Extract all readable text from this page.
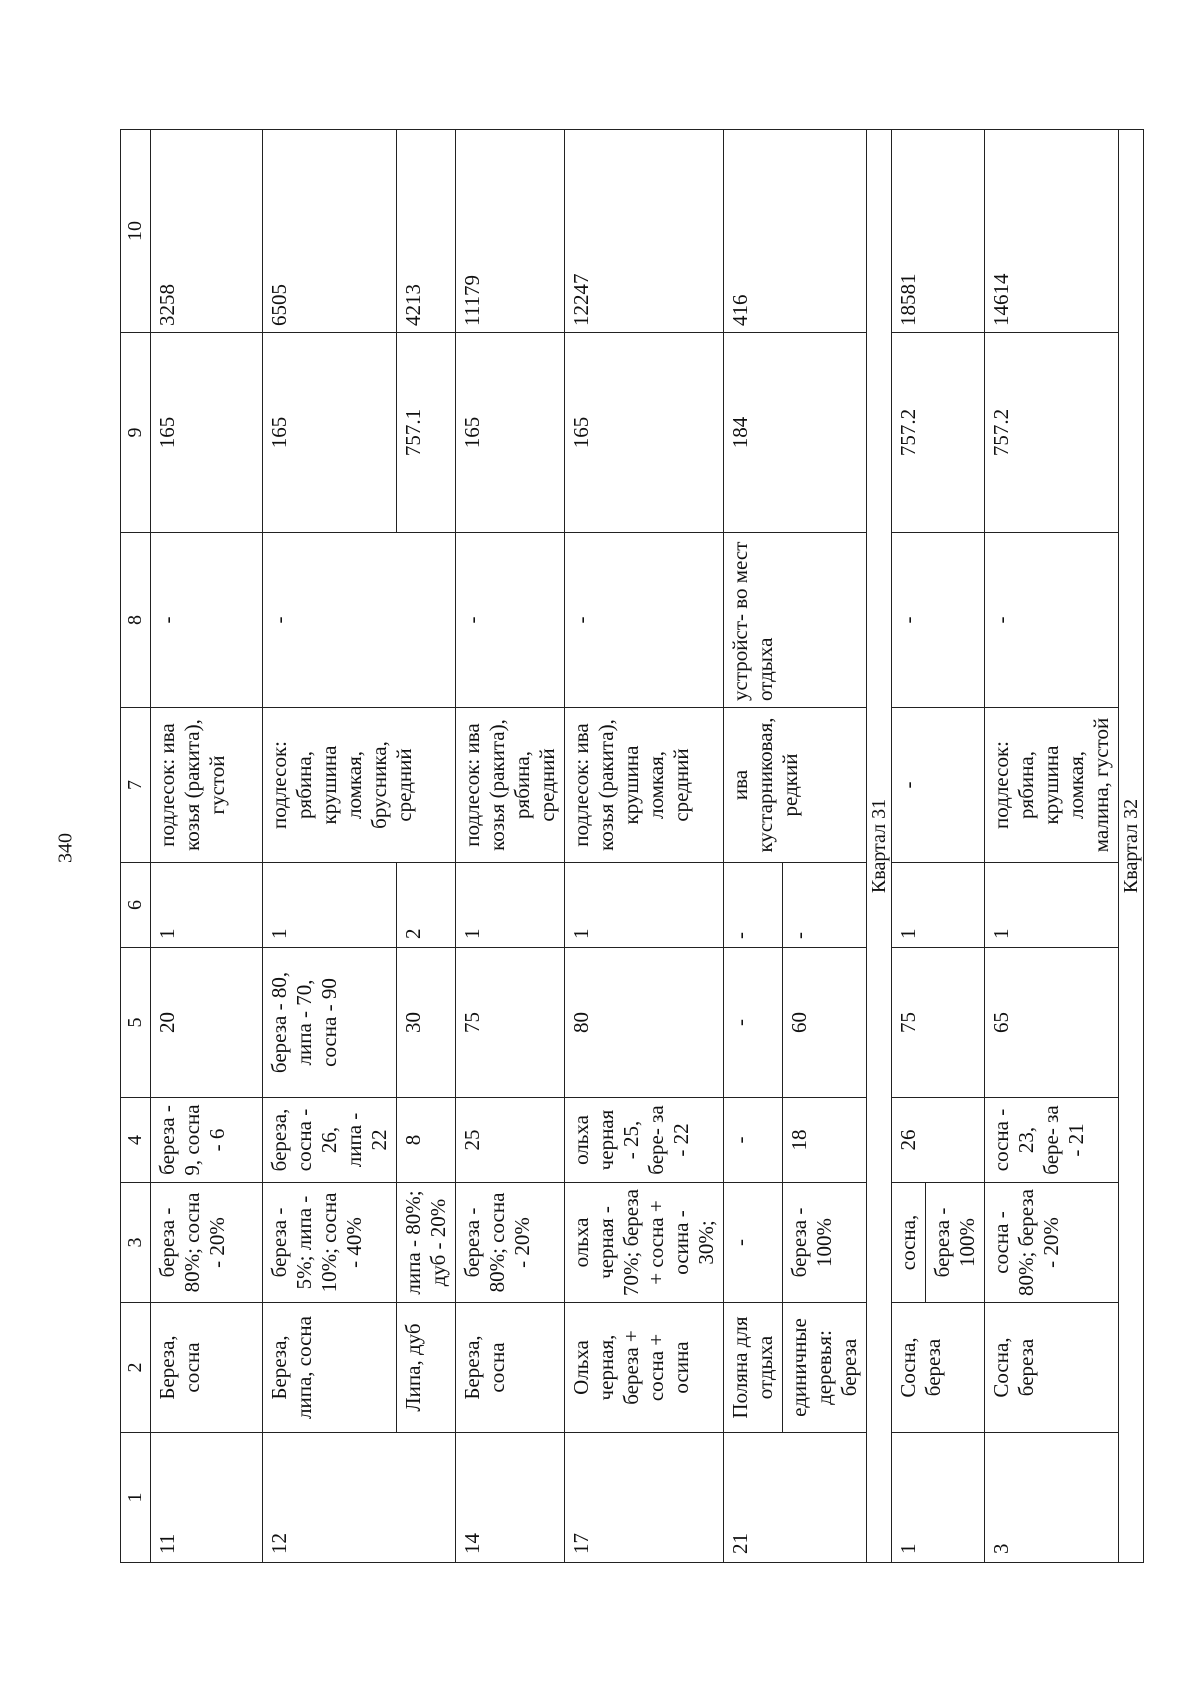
340
1	2	3	4	5	6	7	8	9	10
11	Береза, сосна	береза - 80%; сосна - 20%	береза - 9, сосна - 6	20	1	подлесок: ива козья (ракита), густой	-	165	3258
12	Береза, липа, сосна	береза - 5%; липа - 10%; сосна - 40%	береза, сосна - 26, липа - 22	береза - 80, липа - 70, сосна - 90	1	подлесок: рябина, крушина ломкая, брусника, средний	-	165	6505
	Липа, дуб	липа - 80%; дуб - 20%	8	30	2			757.1	4213
14	Береза, сосна	береза - 80%; сосна - 20%	25	75	1	подлесок: ива козья (ракита), рябина, средний	-	165	11179
17	Ольха черная, береза + сосна + осина	ольха черная - 70%; береза + сосна + осина - 30%;	ольха черная - 25, бере- за - 22	80	1	подлесок: ива козья (ракита), крушина ломкая, средний	-	165	12247
21	Поляна для отдыха	-	-	-	-	ива кустарниковая, редкий	устройст- во мест отдыха	184	416
	единичные деревья: береза	береза - 100%	18	60	-				
Квартал 31									
1	Сосна, береза	сосна, береза - 100%	26	75	1	-	-	757.2	18581
3	Сосна, береза	сосна - 80%; береза - 20%	сосна - 23, бере- за - 21	65	1	подлесок: рябина, крушина ломкая, малина, густой	-	757.2	14614
Квартал 32									
